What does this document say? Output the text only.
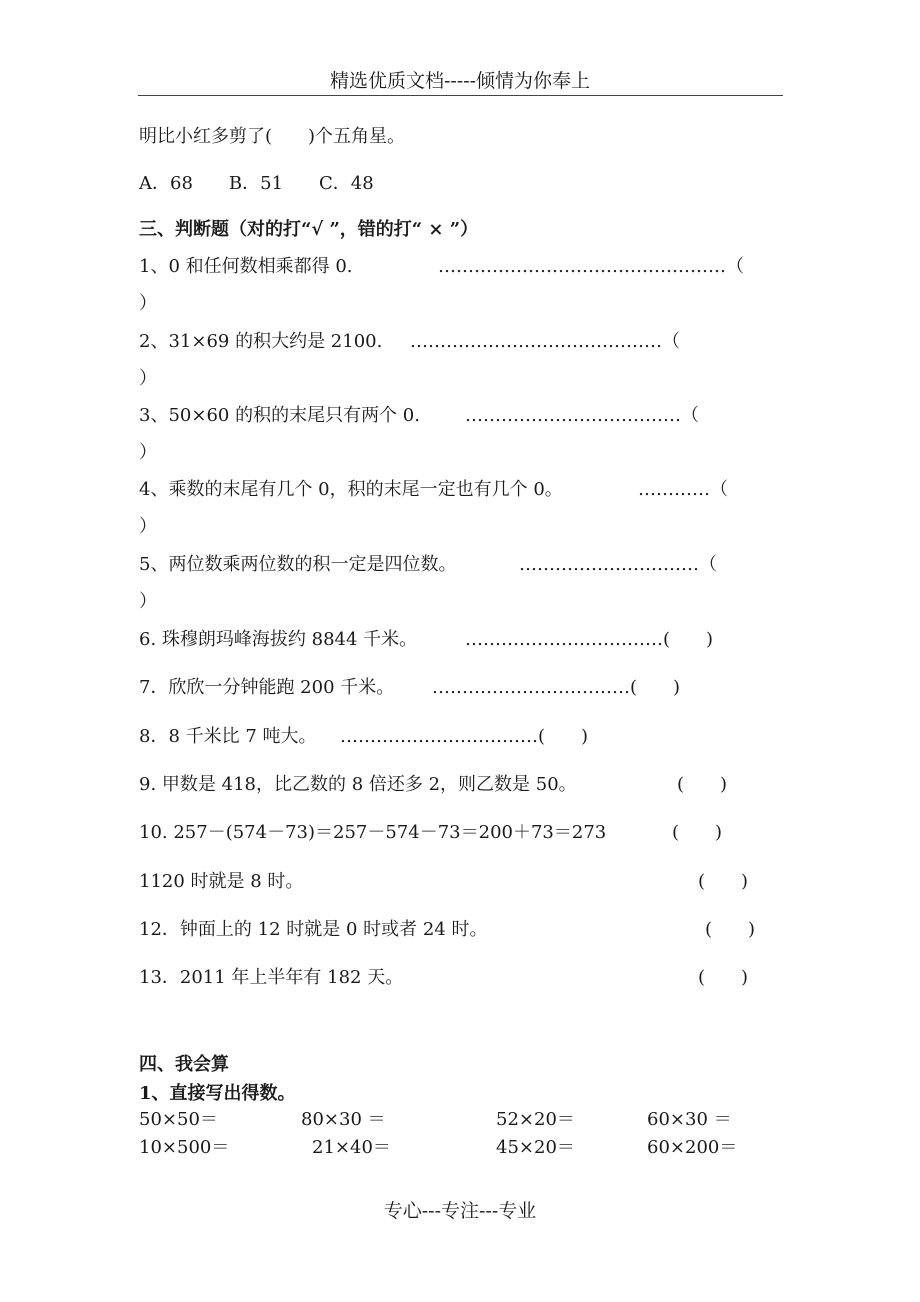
精选优质文档-----倾情为你奉上
明比小红多剪了(　　)个五角星。
A．68　　B．51　　C．48
三、判断题（对的打“√ ”，错的打“ × ”）
1、0 和任何数相乘都得 0.	…………………………………………（
）
2、31×69 的积大约是 2100. ……………………………………（
）
3、50×60 的积的末尾只有两个 0.	………………………………（
）
4、乘数的末尾有几个 0，积的末尾一定也有几个 0。	…………（
）
5、两位数乘两位数的积一定是四位数。	…………………………（
）
6. 珠穆朗玛峰海拔约 8844 千米。	……………………………(　　)
7．欣欣一分钟能跑 200 千米。 ……………………………(　　)
8．8 千米比 7 吨大。 ……………………………(　　)
9. 甲数是 418，比乙数的 8 倍还多 2，则乙数是 50。	(　　)
10. 257－(574－73)＝257－574－73＝200＋73＝273	(　　)
1120 时就是 8 时。	(　　)
12．钟面上的 12 时就是 0 时或者 24 时。	(　　)
13．2011 年上半年有 182 天。	(　　)
四、我会算
1、直接写出得数。
50×50＝	80×30 ＝	52×20＝	60×30 ＝
10×500＝	21×40＝	45×20＝	60×200＝
专心---专注---专业
